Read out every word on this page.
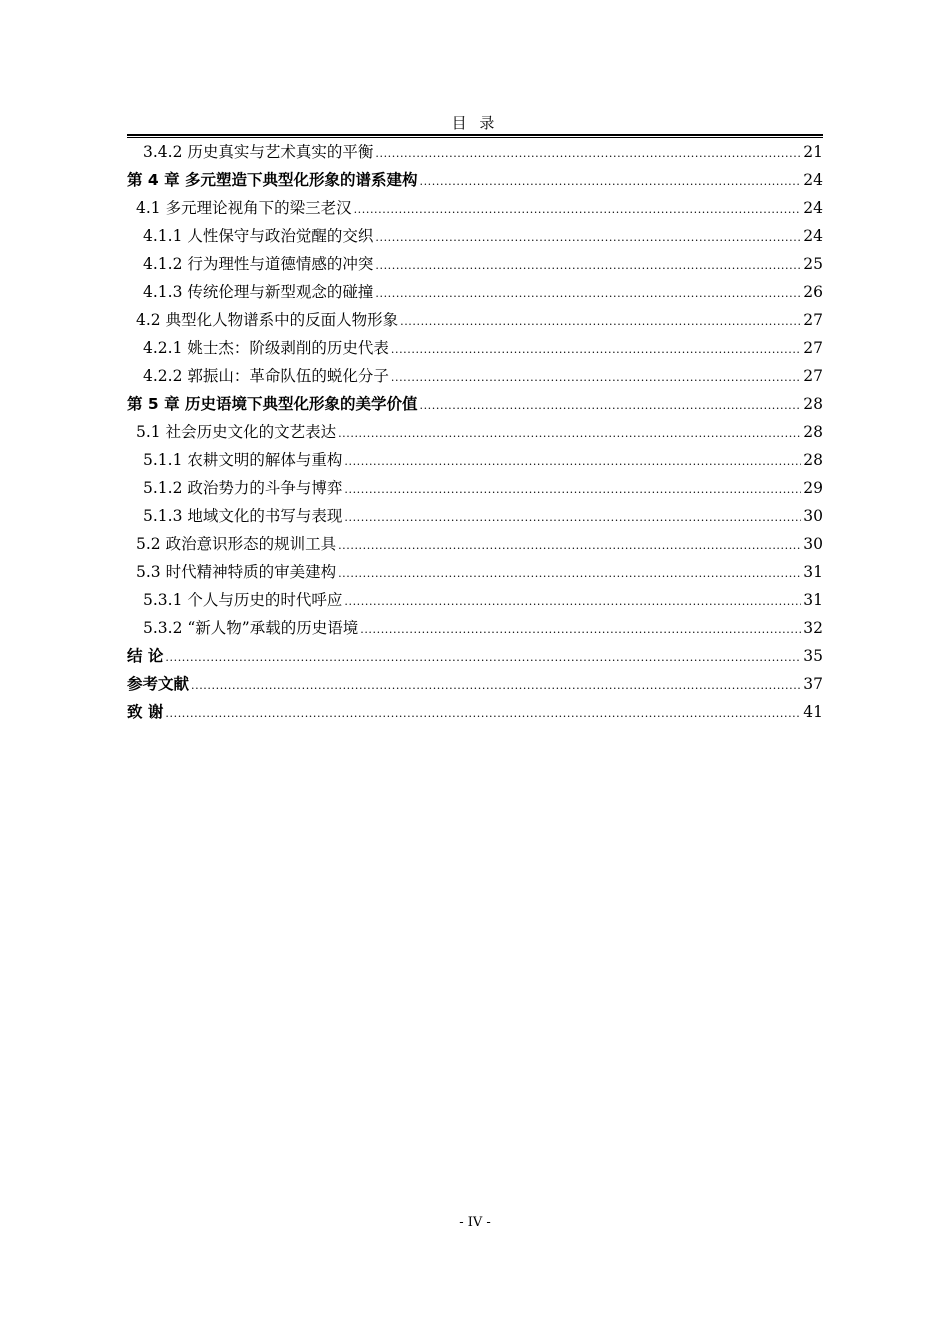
目 录
3.4.2 历史真实与艺术真实的平衡 .....	21
第 4 章 多元塑造下典型化形象的谱系建构 .....	24
4.1 多元理论视角下的梁三老汉 .....	24
4.1.1 人性保守与政治觉醒的交织 .....	24
4.1.2 行为理性与道德情感的冲突 .....	25
4.1.3 传统伦理与新型观念的碰撞 .....	26
4.2 典型化人物谱系中的反面人物形象 .....	27
4.2.1 姚士杰：阶级剥削的历史代表 .....	27
4.2.2 郭振山：革命队伍的蜕化分子 .....	27
第 5 章 历史语境下典型化形象的美学价值 .....	28
5.1 社会历史文化的文艺表达 .....	28
5.1.1 农耕文明的解体与重构 .....	28
5.1.2 政治势力的斗争与博弈 .....	29
5.1.3 地域文化的书写与表现 .....	30
5.2 政治意识形态的规训工具 .....	30
5.3 时代精神特质的审美建构 .....	31
5.3.1 个人与历史的时代呼应 .....	31
5.3.2 “新人物”承载的历史语境 .....	32
结 论 .....	35
参考文献 .....	37
致 谢 .....	41
- IV -
